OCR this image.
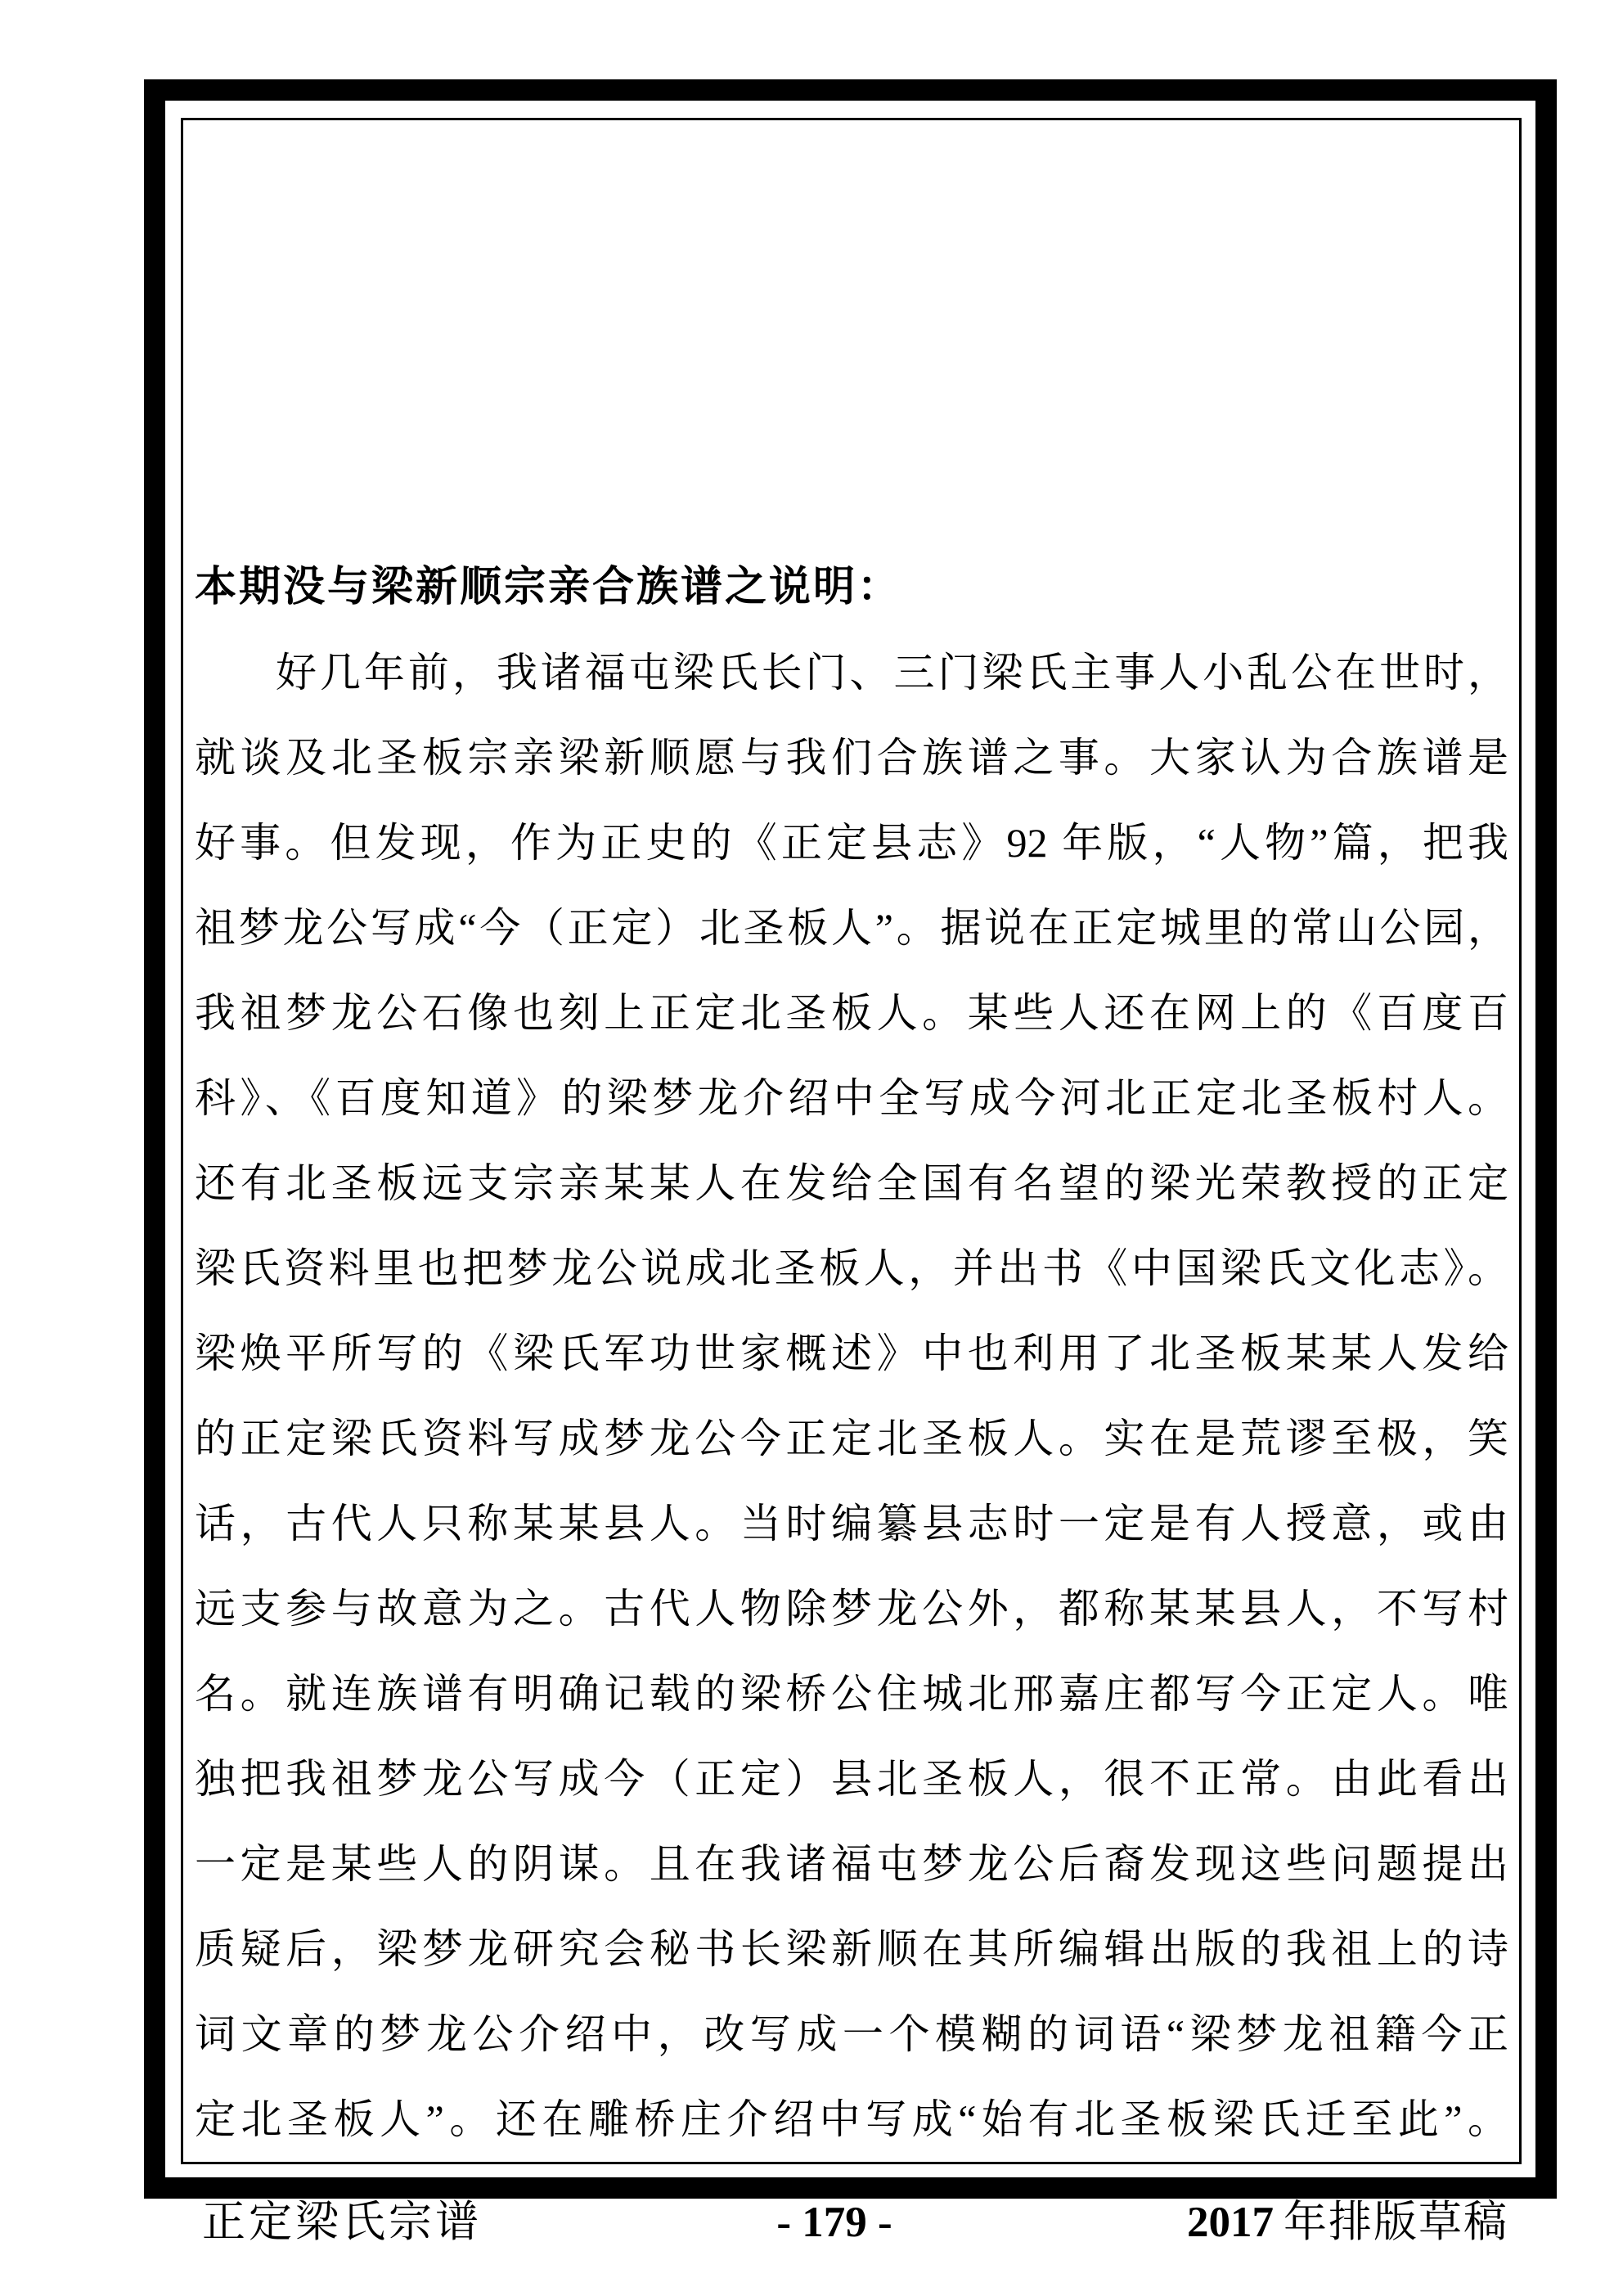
本期没与梁新顺宗亲合族谱之说明：
好几年前，我诸福屯梁氏长门、三门梁氏主事人小乱公在世时，
就谈及北圣板宗亲梁新顺愿与我们合族谱之事。大家认为合族谱是
好事。但发现，作为正史的《正定县志》92 年版，“人物”篇，把我
祖梦龙公写成“今（正定）北圣板人”。据说在正定城里的常山公园，
我祖梦龙公石像也刻上正定北圣板人。某些人还在网上的《百度百
科》、《百度知道》的梁梦龙介绍中全写成今河北正定北圣板村人。
还有北圣板远支宗亲某某人在发给全国有名望的梁光荣教授的正定
梁氏资料里也把梦龙公说成北圣板人，并出书《中国梁氏文化志》。
梁焕平所写的《梁氏军功世家概述》中也利用了北圣板某某人发给
的正定梁氏资料写成梦龙公今正定北圣板人。实在是荒谬至极，笑
话，古代人只称某某县人。当时编纂县志时一定是有人授意，或由
远支参与故意为之。古代人物除梦龙公外，都称某某县人，不写村
名。就连族谱有明确记载的梁桥公住城北邢嘉庄都写今正定人。唯
独把我祖梦龙公写成今（正定）县北圣板人，很不正常。由此看出
一定是某些人的阴谋。且在我诸福屯梦龙公后裔发现这些问题提出
质疑后，梁梦龙研究会秘书长梁新顺在其所编辑出版的我祖上的诗
词文章的梦龙公介绍中，改写成一个模糊的词语“梁梦龙祖籍今正
定北圣板人”。还在雕桥庄介绍中写成“始有北圣板梁氏迁至此”。
正定梁氏宗谱	- 179 -	2017 年排版草稿
